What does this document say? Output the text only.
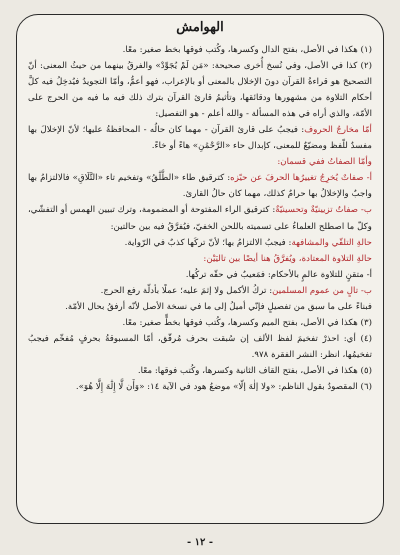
الهوامش

(١) هكذا في الأصل، بفتح الدال وكسرها، وكُتب فوقها بخط صغير: معًا.

(٢) كذا في الأصل، وفي نُسخ أُخرى صحيحة: «مَن لَمْ يُجَوِّدْ» والفرقُ بينهما من حيثُ المعنى: أنّ التصحيحَ هو قراءةُ القرآن دونَ الإخلال بالمعنى أو بالإعراب، فهو أعمُّ، وأمّا التجويدُ فيُدخِلُ فيه كلَّ أحكام التلاوة من مشهورها ودقائقها، وتأثيمُ قارئ القرآن بترك ذلك فيه ما فيه من الحرج على الأمّة، والذي أراه في هذه المسألة - والله أعلم - هو التفصيل:

أمّا مخارجُ الحروف: فيجبُ على قارئ القرآن - مهما كان حالُه - المحافظةُ عليها؛ لأنّ الإخلالَ بها مفسدٌ للّفظ ومضيّعٌ للمعنى، كإبدال حاء «الرَّحْمَٰنِ» هاءً أو خاءً.

وأمّا الصفاتُ ففي قسمان:

أ- صفاتٌ يُخرِجُ تغييرُها الحرفَ عن حيّزه: كترقيق طاء «الطَّلَٰقُ» وتفخيم تاء «التَّلَاقِ» فالالتزامُ بها واجبٌ والإخلالُ بها حرامٌ كذلك، مهما كان حالُ القارئ.

ب- صفاتٌ تزيينيّةٌ وتحسينيّةٌ: كترقيق الراء المفتوحة أو المضمومة، وترك تبيين الهمس أو التفشّي، وكلّ ما اصطلح العلماءُ على تسميته باللحن الخفيّ، فيُفرَّقُ فيه بين حالتين:

حالةِ التلقّي والمشافهة: فيجبُ الالتزامُ بها؛ لأنّ تركَها كذبٌ في الرّواية.

حالةِ التلاوة المعتادة، ويُفرَّقُ هنا أيضًا بين تاليَيْن:

أ- متقنٍ للتلاوة عالمٍ بالأحكام: فمَعيبٌ في حقّه تركُها.

ب- تالٍ من عموم المسلمين: تركُ الأكمل ولا إثمَ عليه؛ عملًا بأدلّة رفع الحرج.

فبناءً على ما سبق من تفصيلٍ فإنّي أميلُ إلى ما في نسخة الأصل لأنّه أرفقُ بحال الأمّة.

(٣) هكذا في الأصل، بفتح الميم وكسرها، وكُتب فوقها بخطٍّ صغير: معًا.

(٤) أي: احذرْ تفخيمَ لفظ الألف إن سُبقت بحرف مُرقّق، أمّا المسبوقةُ بحرفٍ مُفخّم فيجبُ تفخيمُها، انظر: النشر الفقرة ٩٧٨.

(٥) هكذا في الأصل، بفتح القاف الثانية وكسرها، وكُتب فوقها: معًا.

(٦) المقصودُ بقول الناظم: «ولا إلٰهَ إلّا» موضعُ هود في الآية ١٤: «وَأَن لَّا إِلَٰهَ إِلَّا هُوَ».

- ١٢ -
